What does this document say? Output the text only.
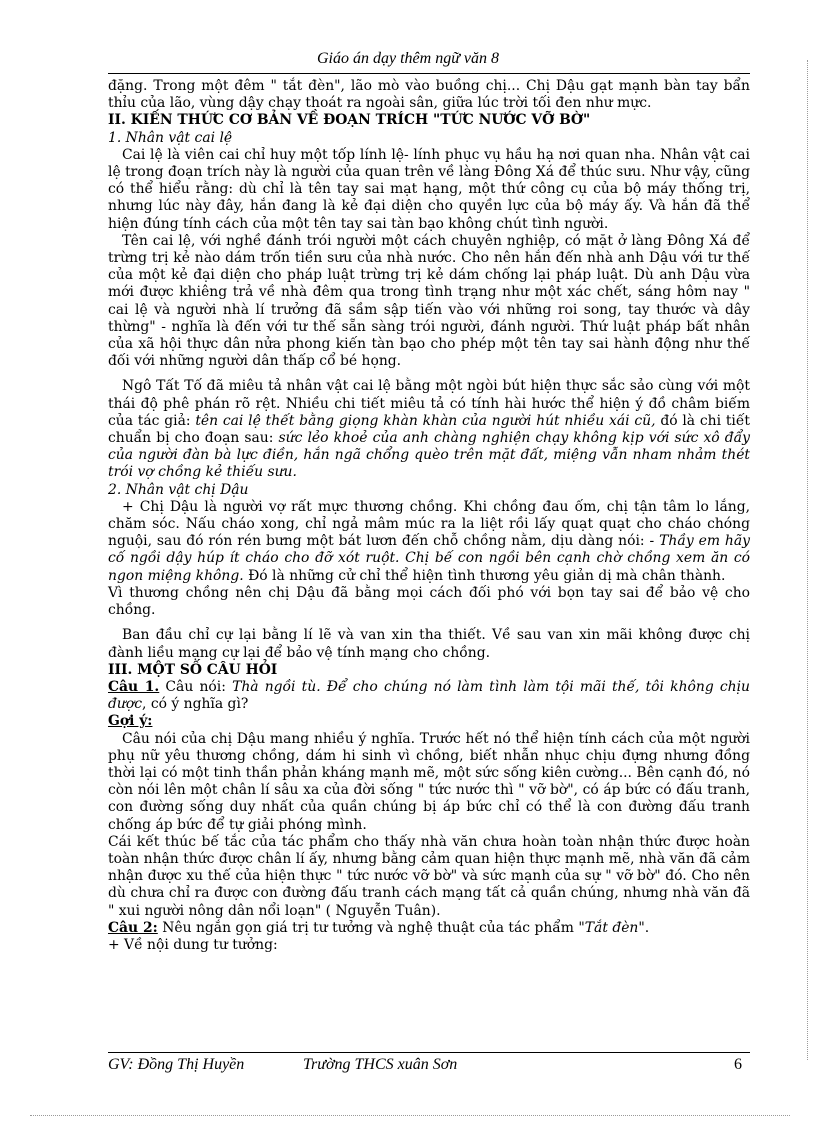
Giáo án dạy thêm ngữ văn 8

đặng. Trong một đêm " tắt đèn", lão mò vào buồng chị... Chị Dậu gạt mạnh bàn tay bẩn thỉu của lão, vùng dậy chạy thoát ra ngoài sân, giữa lúc trời tối đen như mực.

II. KIẾN THỨC CƠ BẢN VỀ ĐOẠN TRÍCH "TỨC NƯỚC VỠ BỜ"

1. Nhân vật cai lệ

Cai lệ là viên cai chỉ huy một tốp lính lệ- lính phục vụ hầu hạ nơi quan nha. Nhân vật cai lệ trong đoạn trích này là người của quan trên về làng Đông Xá để thúc sưu. Như vậy, cũng có thể hiểu rằng: dù chỉ là tên tay sai mạt hạng, một thứ công cụ của bộ máy thống trị, nhưng lúc này đây, hắn đang là kẻ đại diện cho quyền lực của bộ máy ấy. Và hắn đã thể hiện đúng tính cách của một tên tay sai tàn bạo không chút tình người.

Tên cai lệ, với nghề đánh trói người một cách chuyên nghiệp, có mặt ở làng Đông Xá để trừng trị kẻ nào dám trốn tiền sưu của nhà nước. Cho nên hắn đến nhà anh Dậu với tư thế của một kẻ đại diện cho pháp luật trừng trị kẻ dám chống lại pháp luật. Dù anh Dậu vừa mới được khiêng trả về nhà đêm qua trong tình trạng như một xác chết, sáng hôm nay " cai lệ và người nhà lí trưởng đã sầm sập tiến vào với những roi song, tay thước và dây thừng" - nghĩa là đến với tư thế sẵn sàng trói người, đánh người. Thứ luật pháp bất nhân của xã hội thực dân nửa phong kiến tàn bạo cho phép một tên tay sai hành động như thế đối với những người dân thấp cổ bé họng.

Ngô Tất Tố đã miêu tả nhân vật cai lệ bằng một ngòi bút hiện thực sắc sảo cùng với một thái độ phê phán rõ rệt. Nhiều chi tiết miêu tả có tính hài hước thể hiện ý đồ châm biếm của tác giả: tên cai lệ thết bằng giọng khàn khàn của người hút nhiều xái cũ, đó là chi tiết chuẩn bị cho đoạn sau: sức lẻo khoẻ của anh chàng nghiện chạy không kịp với sức xô đẩy của người đàn bà lực điền, hắn ngã chổng quèo trên mặt đất, miệng vẫn nham nhảm thét trói vợ chồng kẻ thiếu sưu.

2. Nhân vật chị Dậu

+ Chị Dậu là người vợ rất mực thương chồng. Khi chồng đau ốm, chị tận tâm lo lắng, chăm sóc. Nấu cháo xong, chỉ ngả mâm múc ra la liệt rồi lấy quạt quạt cho cháo chóng nguội, sau đó rón rén bưng một bát lươn đến chỗ chồng nằm, dịu dàng nói: - Thầy em hãy cố ngồi dậy húp ít cháo cho đỡ xót ruột. Chị bế con ngồi bên cạnh chờ chồng xem ăn có ngon miệng không. Đó là những cử chỉ thể hiện tình thương yêu giản dị mà chân thành.

Vì thương chồng nên chị Dậu đã bằng mọi cách đối phó với bọn tay sai để bảo vệ cho chồng.

Ban đầu chỉ cự lại bằng lí lẽ và van xin tha thiết. Về sau van xin mãi không được chị đành liều mạng cự lại để bảo vệ tính mạng cho chồng.

III. MỘT SỐ CÂU HỎI

Câu 1. Câu nói: Thà ngồi tù. Để cho chúng nó làm tình làm tội mãi thế, tôi không chịu được, có ý nghĩa gì?

Gợi ý:

Câu nói của chị Dậu mang nhiều ý nghĩa. Trước hết nó thể hiện tính cách của một người phụ nữ yêu thương chồng, dám hi sinh vì chồng, biết nhẫn nhục chịu đựng nhưng đồng thời lại có một tinh thần phản kháng mạnh mẽ, một sức sống kiên cường... Bên cạnh đó, nó còn nói lên một chân lí sâu xa của đời sống " tức nước thì " vỡ bờ", có áp bức có đấu tranh, con đường sống duy nhất của quần chúng bị áp bức chỉ có thể là con đường đấu tranh chống áp bức để tự giải phóng mình.

Cái kết thúc bế tắc của tác phẩm cho thấy nhà văn chưa hoàn toàn nhận thức được hoàn toàn nhận thức được chân lí ấy, nhưng bằng cảm quan hiện thực mạnh mẽ, nhà văn đã cảm nhận được xu thế của hiện thực " tức nước vỡ bờ" và sức mạnh của sự " vỡ bờ" đó. Cho nên dù chưa chỉ ra được con đường đấu tranh cách mạng tất cả quần chúng, nhưng nhà văn đã " xui người nông dân nổi loạn" ( Nguyễn Tuân).

Câu 2: Nêu ngắn gọn giá trị tư tưởng và nghệ thuật của tác phẩm "Tắt đèn".

+ Về nội dung tư tưởng:

GV: Đồng Thị Huyền	Trường THCS xuân Sơn	6
